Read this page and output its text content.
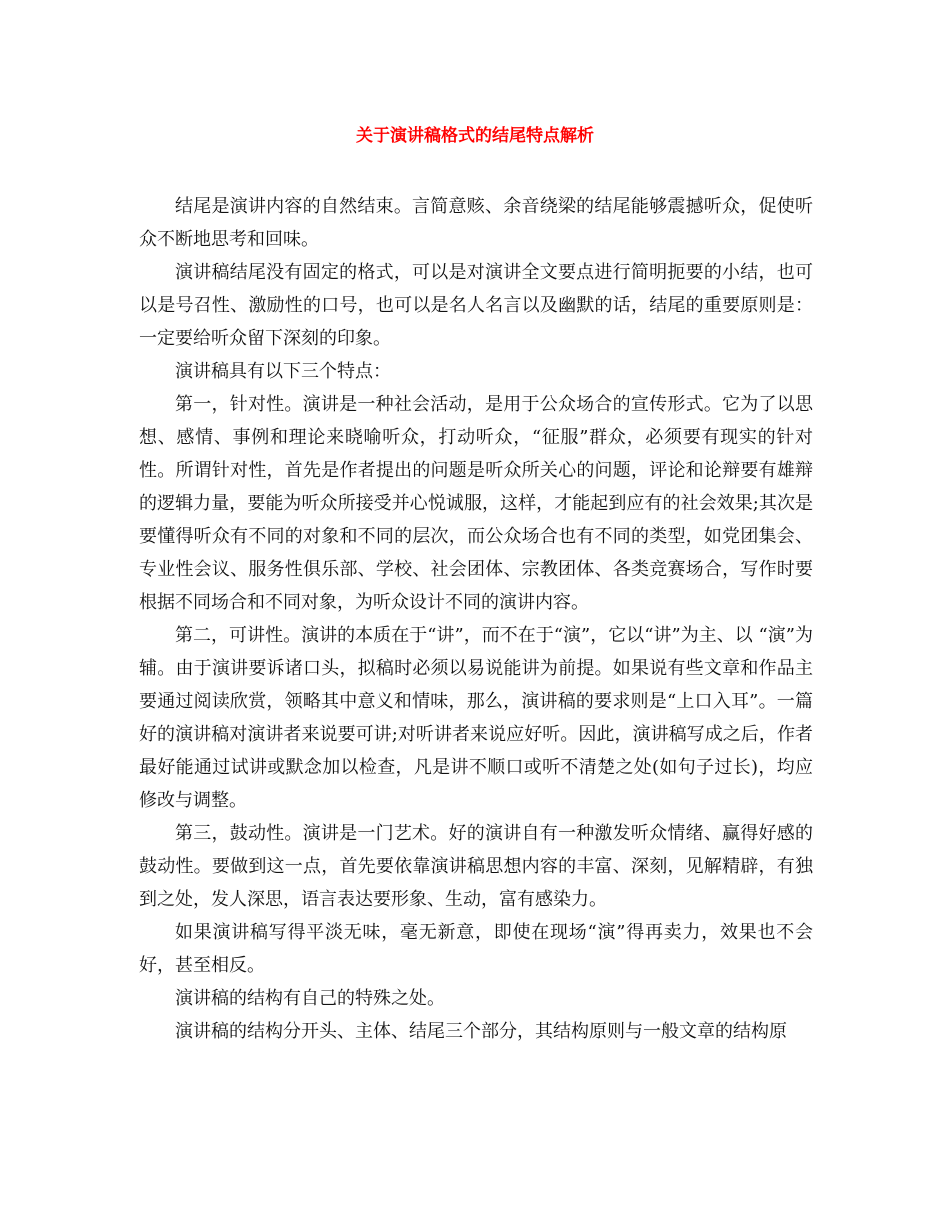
关于演讲稿格式的结尾特点解析

结尾是演讲内容的自然结束。言简意赅、余音绕梁的结尾能够震撼听众，促使听众不断地思考和回味。

演讲稿结尾没有固定的格式，可以是对演讲全文要点进行简明扼要的小结，也可以是号召性、激励性的口号，也可以是名人名言以及幽默的话，结尾的重要原则是：一定要给听众留下深刻的印象。

演讲稿具有以下三个特点：

第一，针对性。演讲是一种社会活动，是用于公众场合的宣传形式。它为了以思想、感情、事例和理论来晓喻听众，打动听众，“征服”群众，必须要有现实的针对性。所谓针对性，首先是作者提出的问题是听众所关心的问题，评论和论辩要有雄辩的逻辑力量，要能为听众所接受并心悦诚服，这样，才能起到应有的社会效果;其次是要懂得听众有不同的对象和不同的层次，而公众场合也有不同的类型，如党团集会、专业性会议、服务性俱乐部、学校、社会团体、宗教团体、各类竞赛场合，写作时要根据不同场合和不同对象，为听众设计不同的演讲内容。

第二，可讲性。演讲的本质在于“讲”，而不在于“演”，它以“讲”为主、以 “演”为辅。由于演讲要诉诸口头，拟稿时必须以易说能讲为前提。如果说有些文章和作品主要通过阅读欣赏，领略其中意义和情味，那么，演讲稿的要求则是“上口入耳”。一篇好的演讲稿对演讲者来说要可讲;对听讲者来说应好听。因此，演讲稿写成之后，作者最好能通过试讲或默念加以检查，凡是讲不顺口或听不清楚之处(如句子过长)，均应修改与调整。

第三，鼓动性。演讲是一门艺术。好的演讲自有一种激发听众情绪、赢得好感的鼓动性。要做到这一点，首先要依靠演讲稿思想内容的丰富、深刻，见解精辟，有独到之处，发人深思，语言表达要形象、生动，富有感染力。

如果演讲稿写得平淡无味，毫无新意，即使在现场“演”得再卖力，效果也不会好，甚至相反。

演讲稿的结构有自己的特殊之处。

演讲稿的结构分开头、主体、结尾三个部分，其结构原则与一般文章的结构原
